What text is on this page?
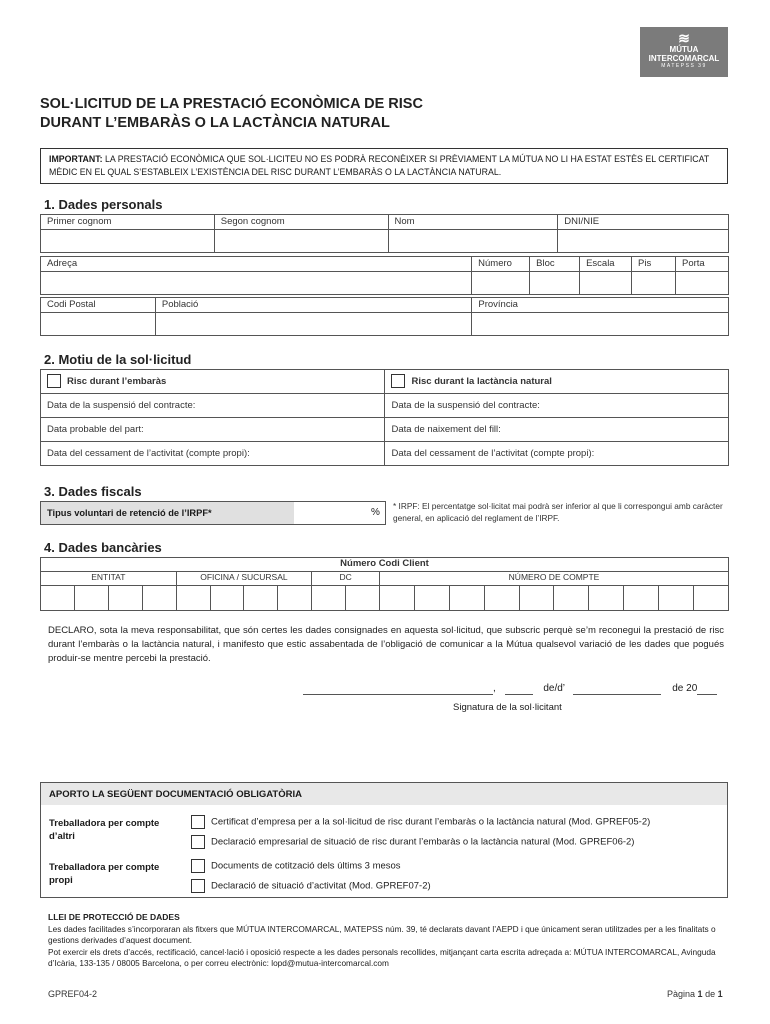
≋
MÚTUA
INTERCOMARCAL
MATEPSS 39
SOL·LICITUD DE LA PRESTACIÓ ECONÒMICA DE RISC
DURANT L’EMBARÀS O LA LACTÀNCIA NATURAL
IMPORTANT: LA PRESTACIÓ ECONÒMICA QUE SOL·LICITEU NO ES PODRÀ RECONÈIXER SI PRÈVIAMENT LA MÚTUA NO LI HA ESTAT ESTÈS EL CERTIFICAT MÈDIC EN EL QUAL S’ESTABLEIX L’EXISTÈNCIA DEL RISC DURANT L’EMBARÀS O LA LACTÀNCIA NATURAL.
1. Dades personals
Primer cognom	Segon cognom	Nom	DNI/NIE

Adreça	Número	Bloc	Escala	Pis	Porta

Codi Postal	Població	Província

2. Motiu de la sol·licitud
Risc durant l’embaràs	Risc durant la lactància natural
Data de la suspensió del contracte:	Data de la suspensió del contracte:
Data probable del part:	Data de naixement del fill:
Data del cessament de l’activitat (compte propi):	Data del cessament de l’activitat (compte propi):
3. Dades fiscals
Tipus voluntari de retenció de l’IRPF*	%
* IRPF: El percentatge sol·licitat mai podrà ser inferior al que li correspongui amb caràcter general, en aplicació del reglament de l’IRPF.
4. Dades bancàries
Número Codi Client																			
ENTITAT				OFICINA / SUCURSAL				DC		NÚMERO DE COMPTE									

DECLARO, sota la meva responsabilitat, que són certes les dades consignades en aquesta sol·licitud, que subscric perquè se’m reconegui la prestació de risc durant l’embaràs o la lactància natural, i manifesto que estic assabentada de l’obligació de comunicar a la Mútua qualsevol variació de les dades que pogués produir-se mentre percebi la prestació.
,	de/d’	de 20
Signatura de la sol·licitant
APORTO LA SEGÜENT DOCUMENTACIÓ OBLIGATÒRIA
Treballadora per compte d’altri
Certificat d’empresa per a la sol·licitud de risc durant l’embaràs o la lactància natural (Mod. GPREF05-2)
Declaració empresarial de situació de risc durant l’embaràs o la lactància natural (Mod. GPREF06-2)
Treballadora per compte propi
Documents de cotització dels últims 3 mesos
Declaració de situació d’activitat (Mod. GPREF07-2)
LLEI DE PROTECCIÓ DE DADES
Les dades facilitades s’incorporaran als fitxers que MÚTUA INTERCOMARCAL, MATEPSS núm. 39, té declarats davant l’AEPD i que únicament seran utilitzades per a les finalitats o gestions derivades d’aquest document.
Pot exercir els drets d’accés, rectificació, cancel·lació i oposició respecte a les dades personals recollides, mitjançant carta escrita adreçada a: MÚTUA INTERCOMARCAL, Avinguda d’Icària, 133-135 / 08005 Barcelona, o per correu electrònic: lopd@mutua-intercomarcal.com
GPREF04-2	Pàgina 1 de 1
